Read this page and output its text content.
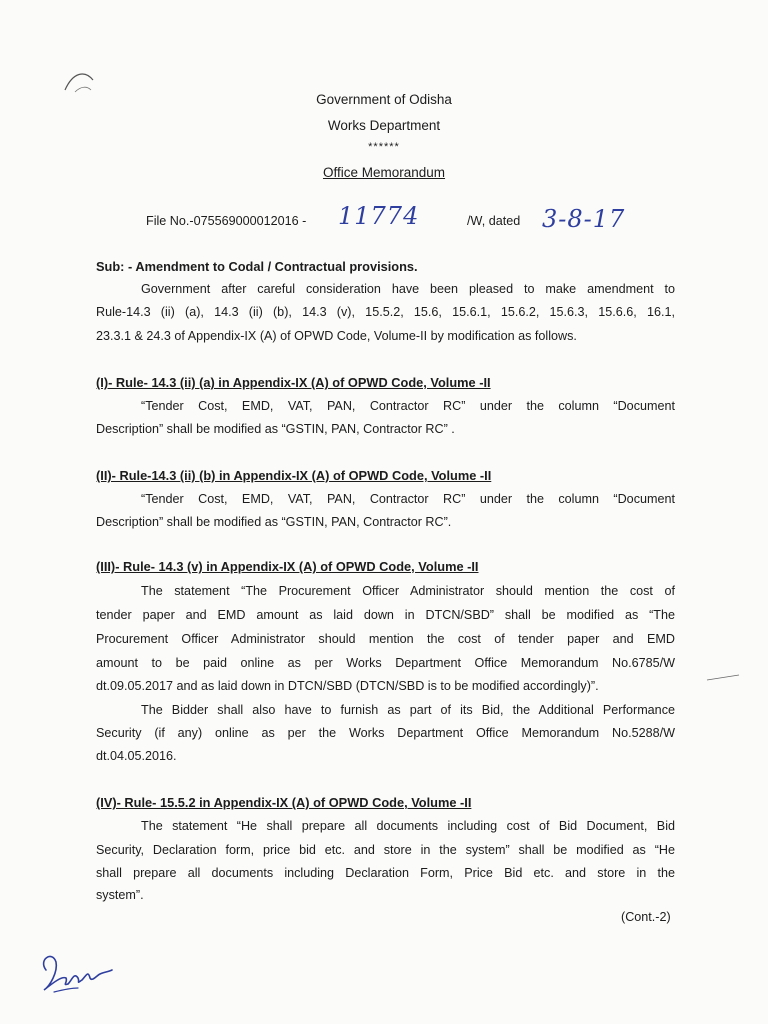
Government of Odisha
Works Department
******
Office Memorandum
File No.-075569000012016 - 11774	/W, dated 3-8-17
Sub: - Amendment to Codal / Contractual provisions.
Government after careful consideration have been pleased to make amendment to
Rule-14.3 (ii) (a), 14.3 (ii) (b), 14.3 (v), 15.5.2, 15.6, 15.6.1, 15.6.2, 15.6.3, 15.6.6, 16.1,
23.3.1 & 24.3 of Appendix-IX (A) of OPWD Code, Volume-II by modification as follows.
(I)- Rule- 14.3 (ii) (a) in Appendix-IX (A) of OPWD Code, Volume -II
“Tender Cost, EMD, VAT, PAN, Contractor RC” under the column “Document
Description” shall be modified as “GSTIN, PAN, Contractor RC” .
(II)- Rule-14.3 (ii) (b) in Appendix-IX (A) of OPWD Code, Volume -II
“Tender Cost, EMD, VAT, PAN, Contractor RC” under the column “Document
Description” shall be modified as “GSTIN, PAN, Contractor RC”.
(III)- Rule- 14.3 (v) in Appendix-IX (A) of OPWD Code, Volume -II
The statement “The Procurement Officer Administrator should mention the cost of
tender paper and EMD amount as laid down in DTCN/SBD” shall be modified as “The
Procurement Officer Administrator should mention the cost of tender paper and EMD
amount to be paid online as per Works Department Office Memorandum No.6785/W
dt.09.05.2017 and as laid down in DTCN/SBD (DTCN/SBD is to be modified accordingly)”.
The Bidder shall also have to furnish as part of its Bid, the Additional Performance
Security (if any) online as per the Works Department Office Memorandum No.5288/W
dt.04.05.2016.
(IV)- Rule- 15.5.2 in Appendix-IX (A) of OPWD Code, Volume -II
The statement “He shall prepare all documents including cost of Bid Document, Bid
Security, Declaration form, price bid etc. and store in the system” shall be modified as “He
shall prepare all documents including Declaration Form, Price Bid etc. and store in the
system”.
(Cont.-2)
